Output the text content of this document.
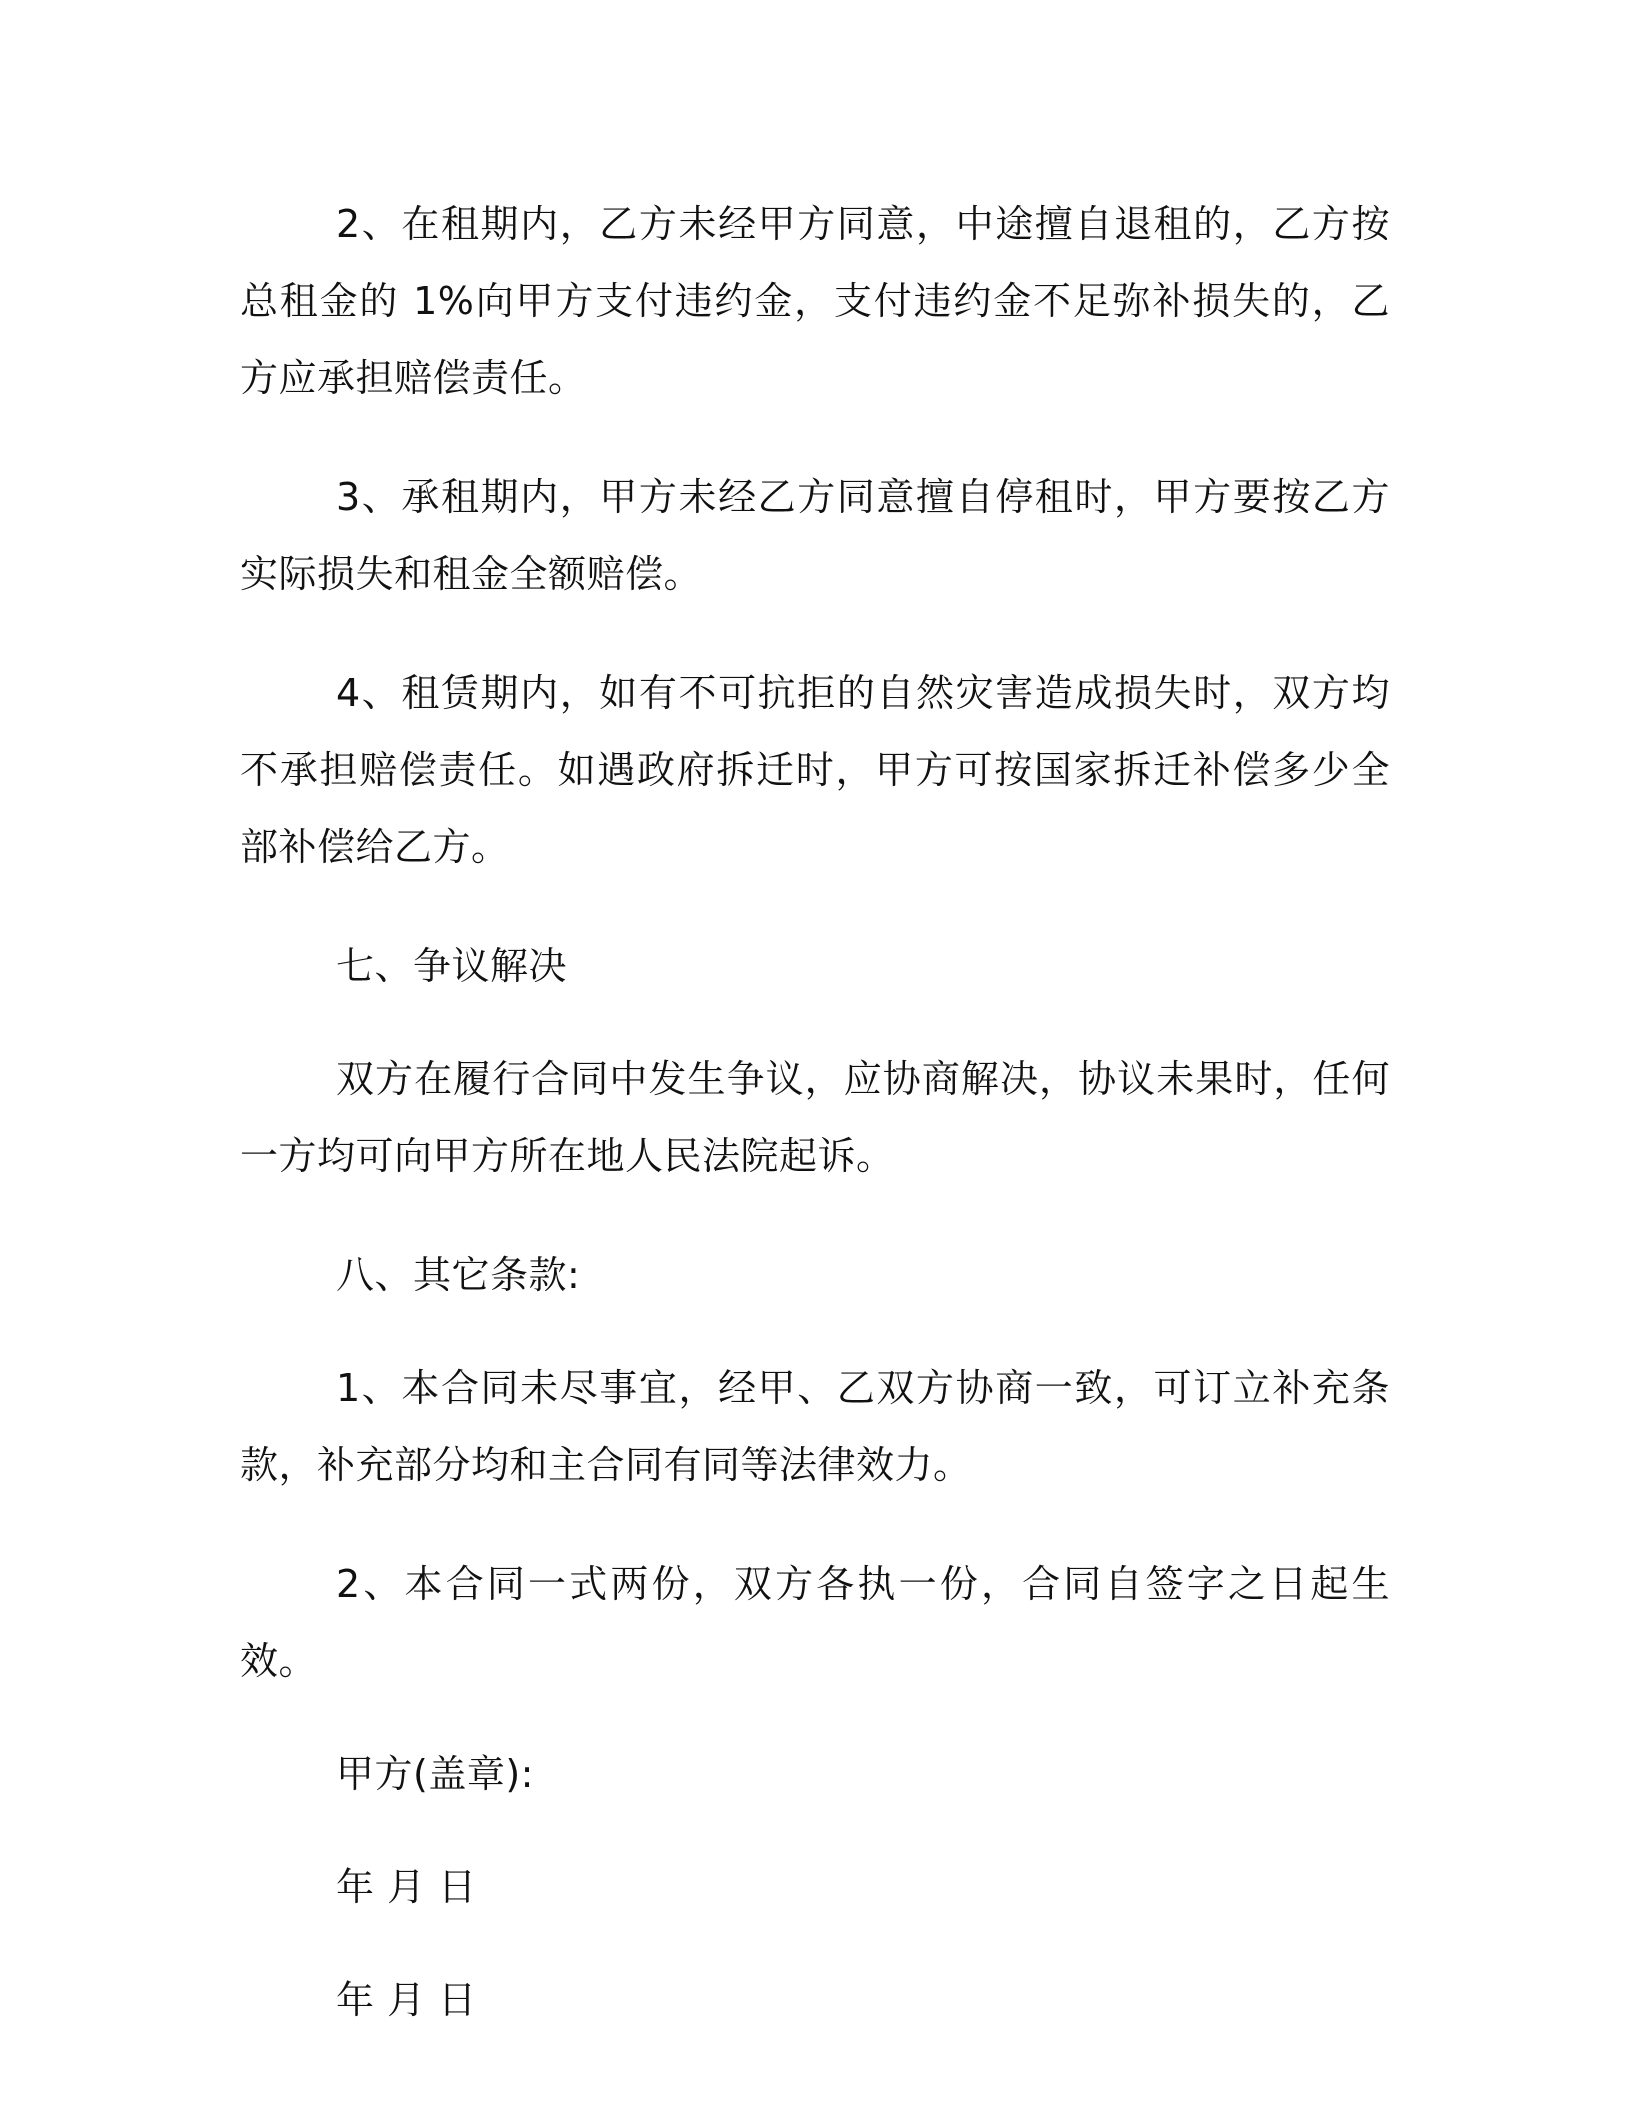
2、在租期内，乙方未经甲方同意，中途擅自退租的，乙方按总租金的 1%向甲方支付违约金，支付违约金不足弥补损失的，乙方应承担赔偿责任。

3、承租期内，甲方未经乙方同意擅自停租时，甲方要按乙方实际损失和租金全额赔偿。

4、租赁期内，如有不可抗拒的自然灾害造成损失时，双方均不承担赔偿责任。如遇政府拆迁时，甲方可按国家拆迁补偿多少全部补偿给乙方。

七、争议解决

双方在履行合同中发生争议，应协商解决，协议未果时，任何一方均可向甲方所在地人民法院起诉。

八、其它条款:

1、本合同未尽事宜，经甲、乙双方协商一致，可订立补充条款，补充部分均和主合同有同等法律效力。

2、本合同一式两份，双方各执一份，合同自签字之日起生效。

甲方(盖章):

年 月 日

年 月 日
